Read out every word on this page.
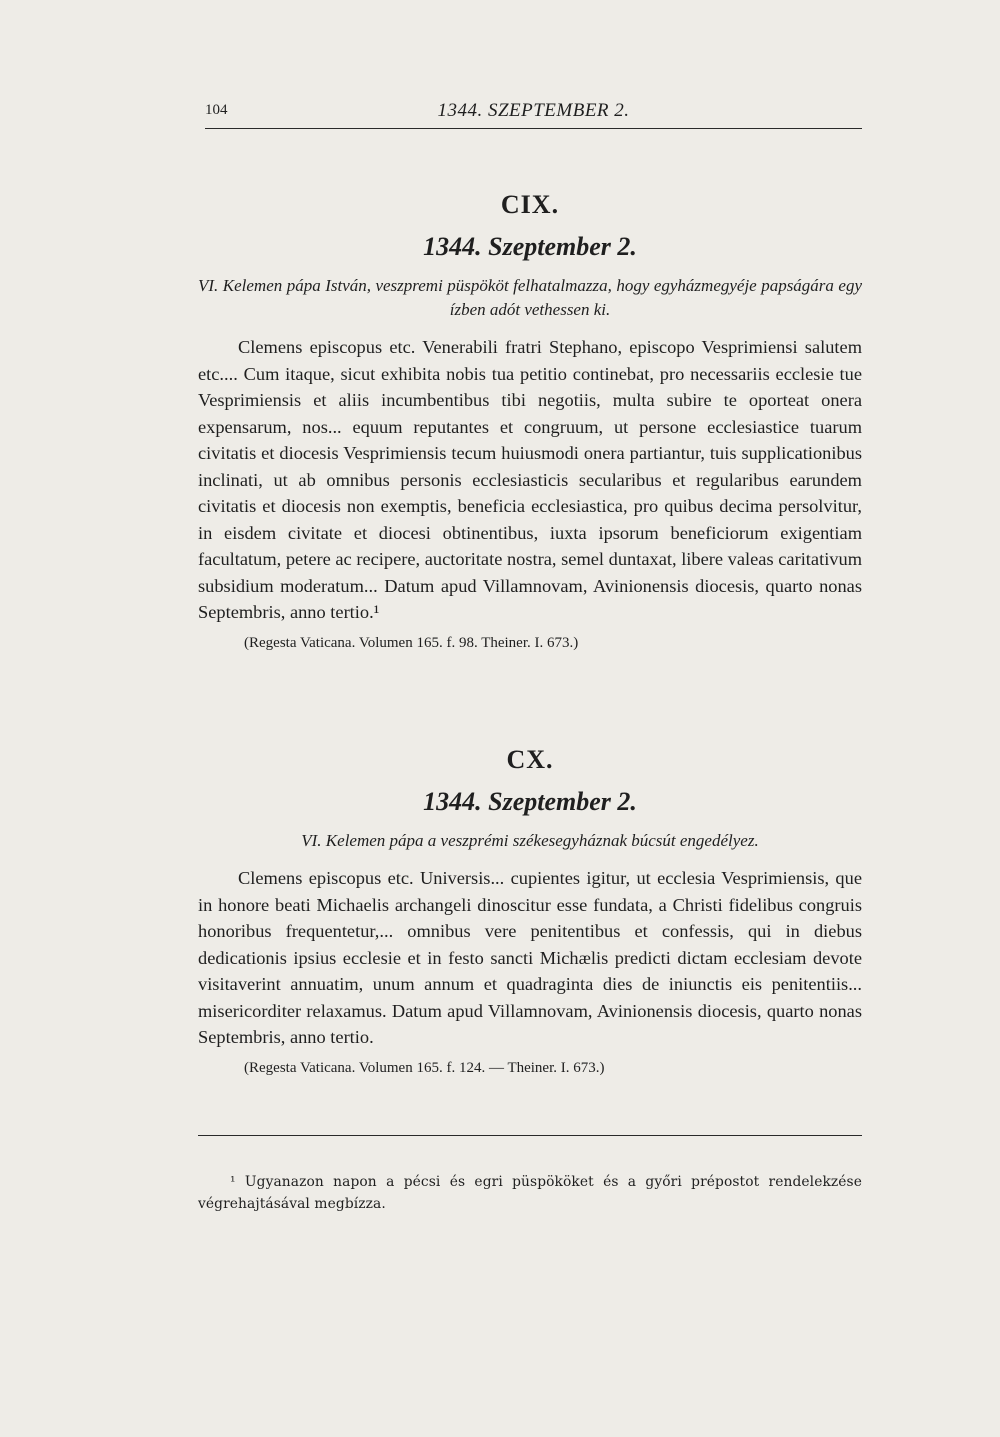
104	1344. SZEPTEMBER 2.
CIX.
1344. Szeptember 2.

VI. Kelemen pápa István, veszpremi püspököt felhatalmazza, hogy egyházmegyéje papságára egy ízben adót vethessen ki.

Clemens episcopus etc. Venerabili fratri Stephano, episcopo Vesprimiensi salutem etc.... Cum itaque, sicut exhibita nobis tua petitio continebat, pro necessariis ecclesie tue Vesprimiensis et aliis incumbentibus tibi negotiis, multa subire te oporteat onera expensarum, nos... equum reputantes et congruum, ut persone ecclesiastice tuarum civitatis et diocesis Vesprimiensis tecum huiusmodi onera partiantur, tuis supplicationibus inclinati, ut ab omnibus personis ecclesiasticis secularibus et regularibus earundem civitatis et diocesis non exemptis, beneficia ecclesiastica, pro quibus decima persolvitur, in eisdem civitate et diocesi obtinentibus, iuxta ipsorum beneficiorum exigentiam facultatum, petere ac recipere, auctoritate nostra, semel duntaxat, libere valeas caritativum subsidium moderatum... Datum apud Villamnovam, Avinionensis diocesis, quarto nonas Septembris, anno tertio.¹

(Regesta Vaticana. Volumen 165. f. 98. Theiner. I. 673.)

CX.
1344. Szeptember 2.

VI. Kelemen pápa a veszprémi székesegyháznak búcsút engedélyez.

Clemens episcopus etc. Universis... cupientes igitur, ut ecclesia Vesprimiensis, que in honore beati Michaelis archangeli dinoscitur esse fundata, a Christi fidelibus congruis honoribus frequentetur,... omnibus vere penitentibus et confessis, qui in diebus dedicationis ipsius ecclesie et in festo sancti Michælis predicti dictam ecclesiam devote visitaverint annuatim, unum annum et quadraginta dies de iniunctis eis penitentiis... misericorditer relaxamus. Datum apud Villamnovam, Avinionensis diocesis, quarto nonas Septembris, anno tertio.

(Regesta Vaticana. Volumen 165. f. 124. — Theiner. I. 673.)

¹ Ugyanazon napon a pécsi és egri püspököket és a győri prépostot rendelekzése végrehajtásával megbízza.
